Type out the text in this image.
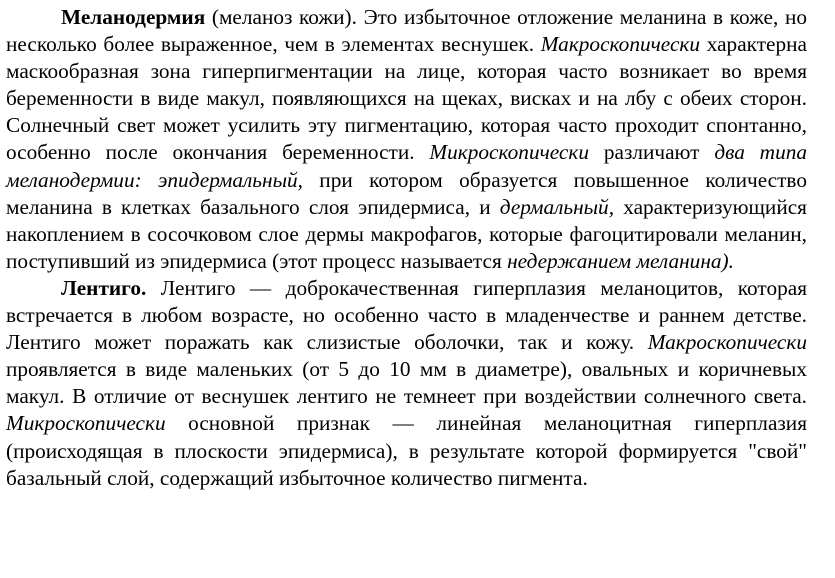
Меланодермия (меланоз кожи). Это избыточное отложение меланина в коже, но несколько более выраженное, чем в элементах веснушек. Макроскопически характерна маскообразная зона гиперпигментации на лице, которая часто возникает во время беременности в виде макул, появляющихся на щеках, висках и на лбу с обеих сторон. Солнечный свет может усилить эту пигментацию, которая часто проходит спонтанно, особенно после окончания беременности. Микроскопически различают два типа меланодермии: эпидермальный, при котором образуется повышенное количество меланина в клетках базального слоя эпидермиса, и дермальный, характеризующийся накоплением в сосочковом слое дермы макрофагов, которые фагоцитировали меланин, поступивший из эпидермиса (этот процесс называется недержанием меланина).

Лентиго. Лентиго — доброкачественная гиперплазия меланоцитов, которая встречается в любом возрасте, но особенно часто в младенчестве и раннем детстве. Лентиго может поражать как слизистые оболочки, так и кожу. Макроскопически проявляется в виде маленьких (от 5 до 10 мм в диаметре), овальных и коричневых макул. В отличие от веснушек лентиго не темнеет при воздействии солнечного света. Микроскопически основной признак — линейная меланоцитная гиперплазия (происходящая в плоскости эпидермиса), в результате которой формируется "свой" базальный слой, содержащий избыточное количество пигмента.
